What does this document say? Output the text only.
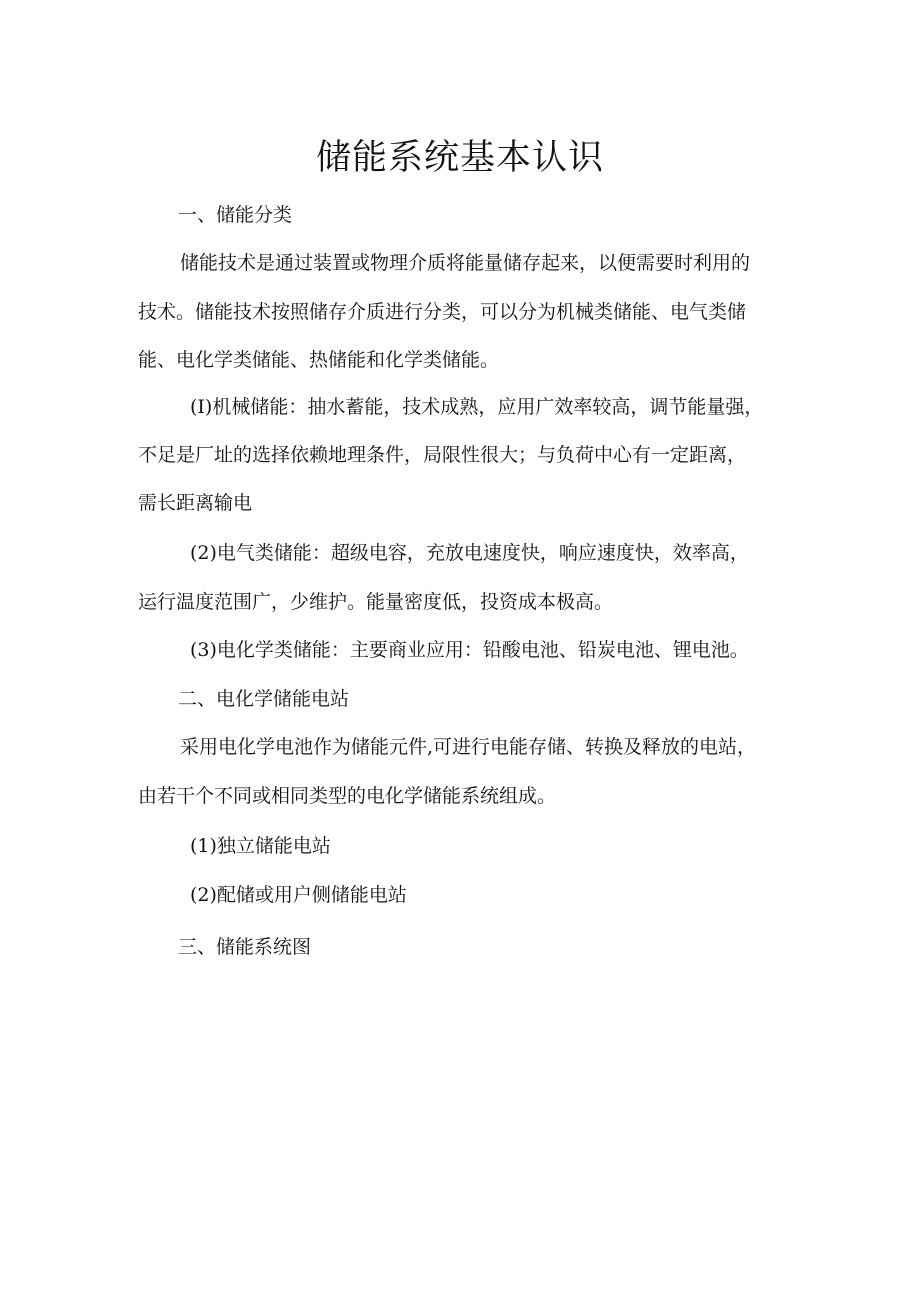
储能系统基本认识
一、储能分类
储能技术是通过装置或物理介质将能量储存起来，以便需要时利用的
技术。储能技术按照储存介质进行分类，可以分为机械类储能、电气类储
能、电化学类储能、热储能和化学类储能。
(I)机械储能：抽水蓄能，技术成熟，应用广效率较高，调节能量强，
不足是厂址的选择依赖地理条件，局限性很大；与负荷中心有一定距离，
需长距离输电
(2)电气类储能：超级电容，充放电速度快，响应速度快，效率高，
运行温度范围广，少维护。能量密度低，投资成本极高。
(3)电化学类储能：主要商业应用：铅酸电池、铅炭电池、锂电池。
二、电化学储能电站
采用电化学电池作为储能元件,可进行电能存储、转换及释放的电站，
由若干个不同或相同类型的电化学储能系统组成。
(1)独立储能电站
(2)配储或用户侧储能电站
三、储能系统图
